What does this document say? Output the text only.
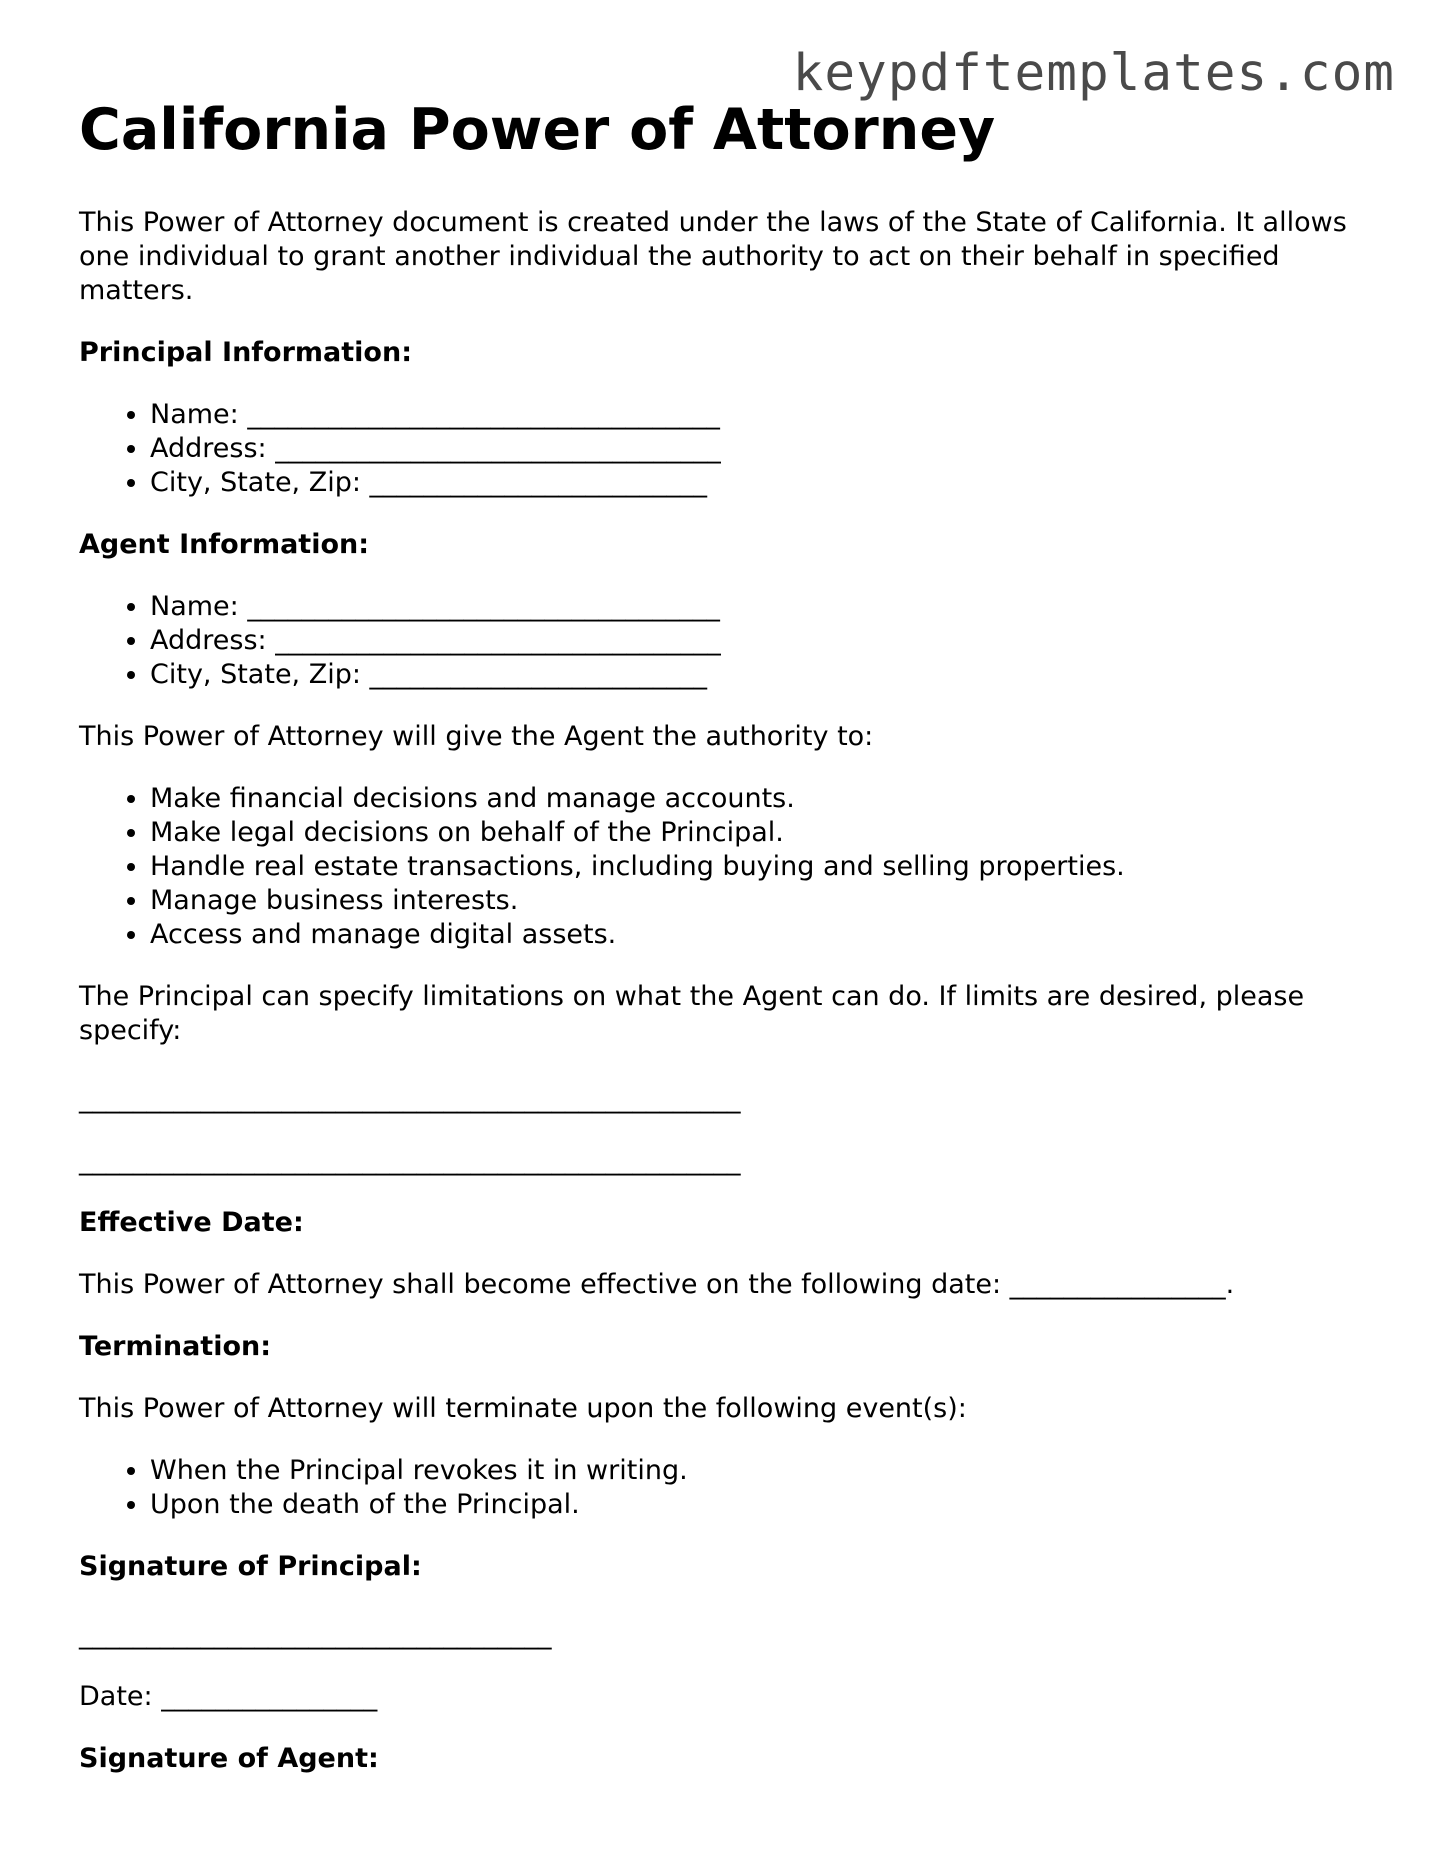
keypdftemplates.com
California Power of Attorney

This Power of Attorney document is created under the laws of the State of California. It allows one individual to grant another individual the authority to act on their behalf in specified matters.

Principal Information:
• Name: ___________________________________
• Address: _________________________________
• City, State, Zip: _________________________
Agent Information:
• Name: ___________________________________
• Address: _________________________________
• City, State, Zip: _________________________

This Power of Attorney will give the Agent the authority to:

• Make financial decisions and manage accounts.
• Make legal decisions on behalf of the Principal.
• Handle real estate transactions, including buying and selling properties.
• Manage business interests.
• Access and manage digital assets.

The Principal can specify limitations on what the Agent can do. If limits are desired, please specify:

_________________________________________________
_________________________________________________
Effective Date:

This Power of Attorney shall become effective on the following date: ________________.

Termination:

This Power of Attorney will terminate upon the following event(s):

• When the Principal revokes it in writing.
• Upon the death of the Principal.
Signature of Principal:
___________________________________

Date: ________________

Signature of Agent:
